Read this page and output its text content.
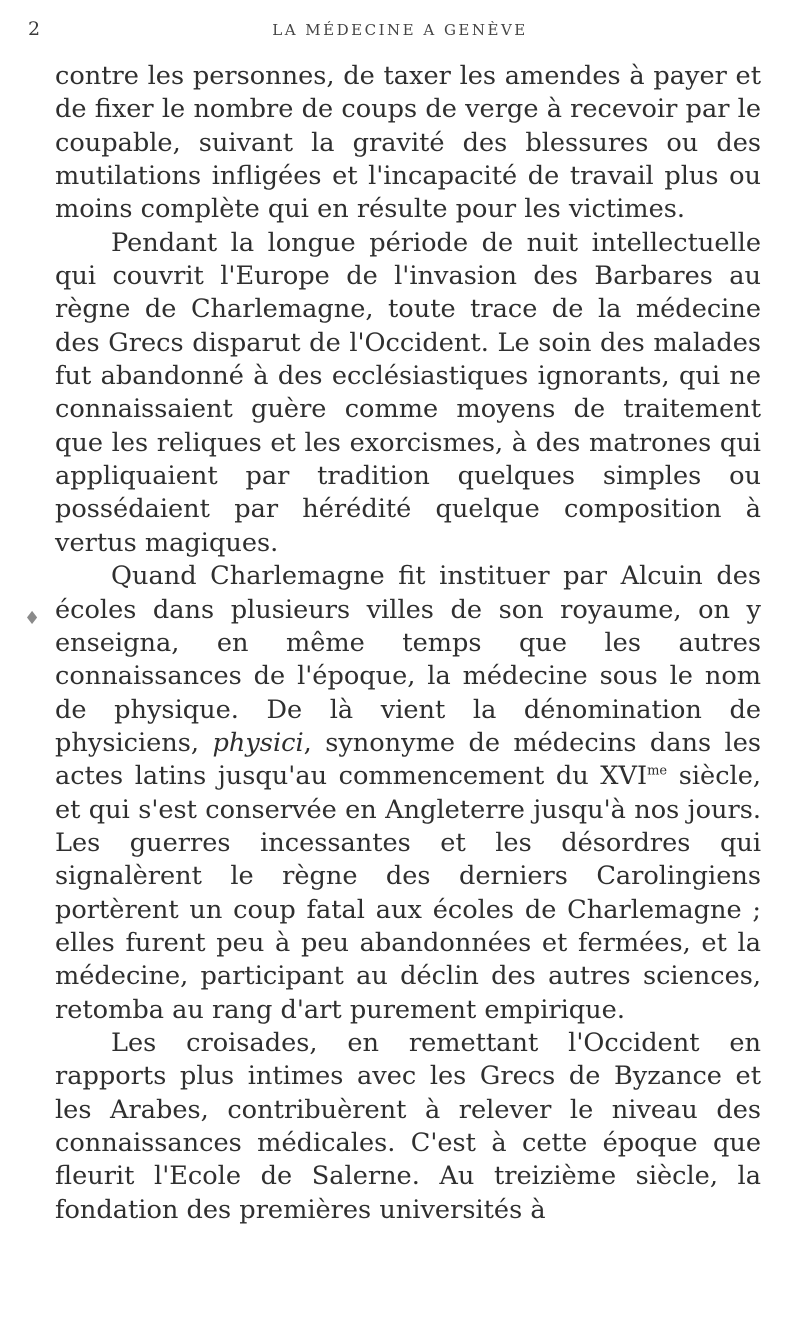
2	LA MÉDECINE A GENÈVE
♦

contre les personnes, de taxer les amendes à payer et de fixer le nombre de coups de verge à recevoir par le coupable, suivant la gravité des blessures ou des mutilations infligées et l'incapacité de travail plus ou moins complète qui en résulte pour les victimes.

Pendant la longue période de nuit intellectuelle qui couvrit l'Europe de l'invasion des Barbares au règne de Charlemagne, toute trace de la médecine des Grecs disparut de l'Occident. Le soin des malades fut abandonné à des ecclésiastiques ignorants, qui ne connaissaient guère comme moyens de traitement que les reliques et les exorcismes, à des matrones qui appliquaient par tradition quelques simples ou possédaient par hérédité quelque composition à vertus magiques.

Quand Charlemagne fit instituer par Alcuin des écoles dans plusieurs villes de son royaume, on y enseigna, en même temps que les autres connaissances de l'époque, la médecine sous le nom de physique. De là vient la dénomination de physiciens, physici, synonyme de médecins dans les actes latins jusqu'au commencement du $XVI^{me}$ siècle, et qui s'est conservée en Angleterre jusqu'à nos jours. Les guerres incessantes et les désordres qui signalèrent le règne des derniers Carolingiens portèrent un coup fatal aux écoles de Charlemagne ; elles furent peu à peu abandonnées et fermées, et la médecine, participant au déclin des autres sciences, retomba au rang d'art purement empirique.

Les croisades, en remettant l'Occident en rapports plus intimes avec les Grecs de Byzance et les Arabes, contribuèrent à relever le niveau des connaissances médicales. C'est à cette époque que fleurit l'Ecole de Salerne. Au treizième siècle, la fondation des premières universités à
